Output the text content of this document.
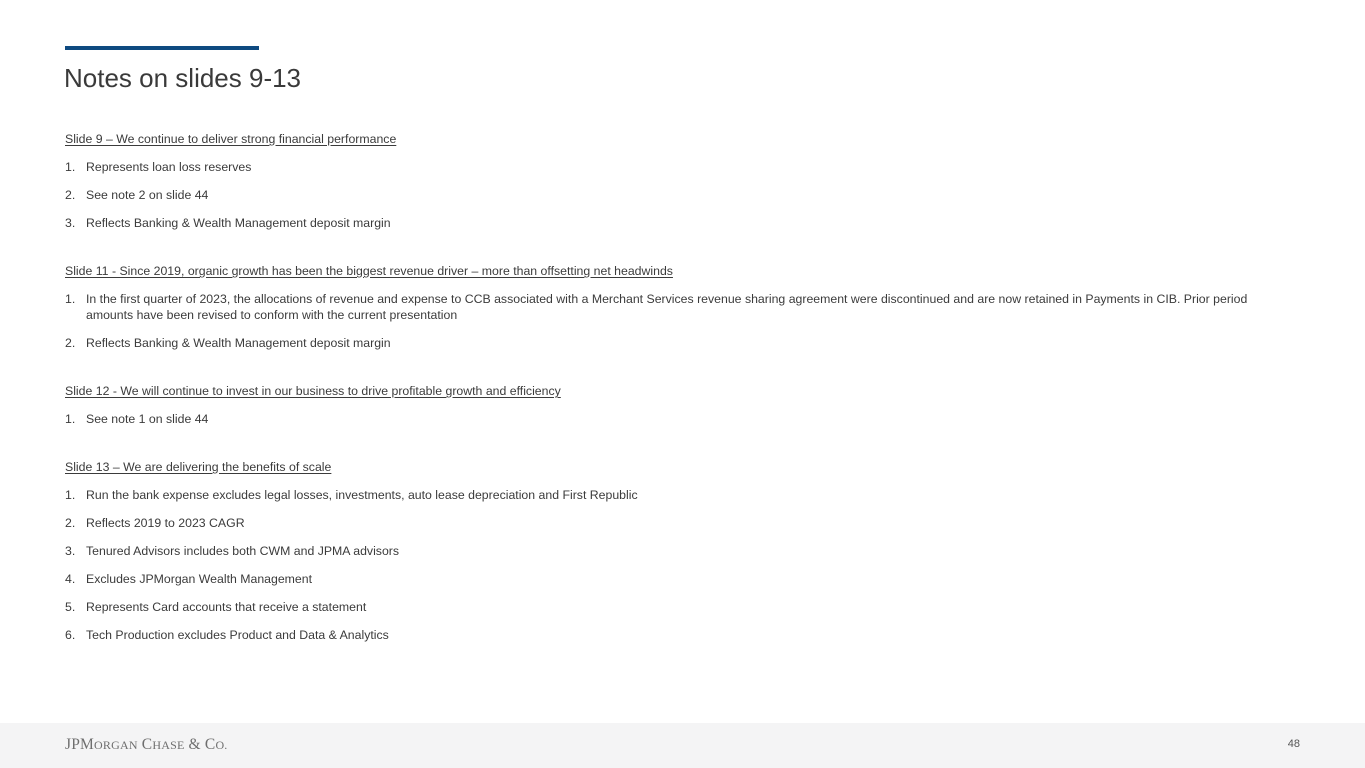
Notes on slides 9-13
Slide 9 – We continue to deliver strong financial performance
1. Represents loan loss reserves
2. See note 2 on slide 44
3. Reflects Banking & Wealth Management deposit margin
Slide 11 - Since 2019, organic growth has been the biggest revenue driver – more than offsetting net headwinds
1. In the first quarter of 2023, the allocations of revenue and expense to CCB associated with a Merchant Services revenue sharing agreement were discontinued and are now retained in Payments in CIB. Prior period amounts have been revised to conform with the current presentation
2. Reflects Banking & Wealth Management deposit margin
Slide 12 - We will continue to invest in our business to drive profitable growth and efficiency
1. See note 1 on slide 44
Slide 13 – We are delivering the benefits of scale
1. Run the bank expense excludes legal losses, investments, auto lease depreciation and First Republic
2. Reflects 2019 to 2023 CAGR
3. Tenured Advisors includes both CWM and JPMA advisors
4. Excludes JPMorgan Wealth Management
5. Represents Card accounts that receive a statement
6. Tech Production excludes Product and Data & Analytics
JPMORGAN CHASE & CO.	48
